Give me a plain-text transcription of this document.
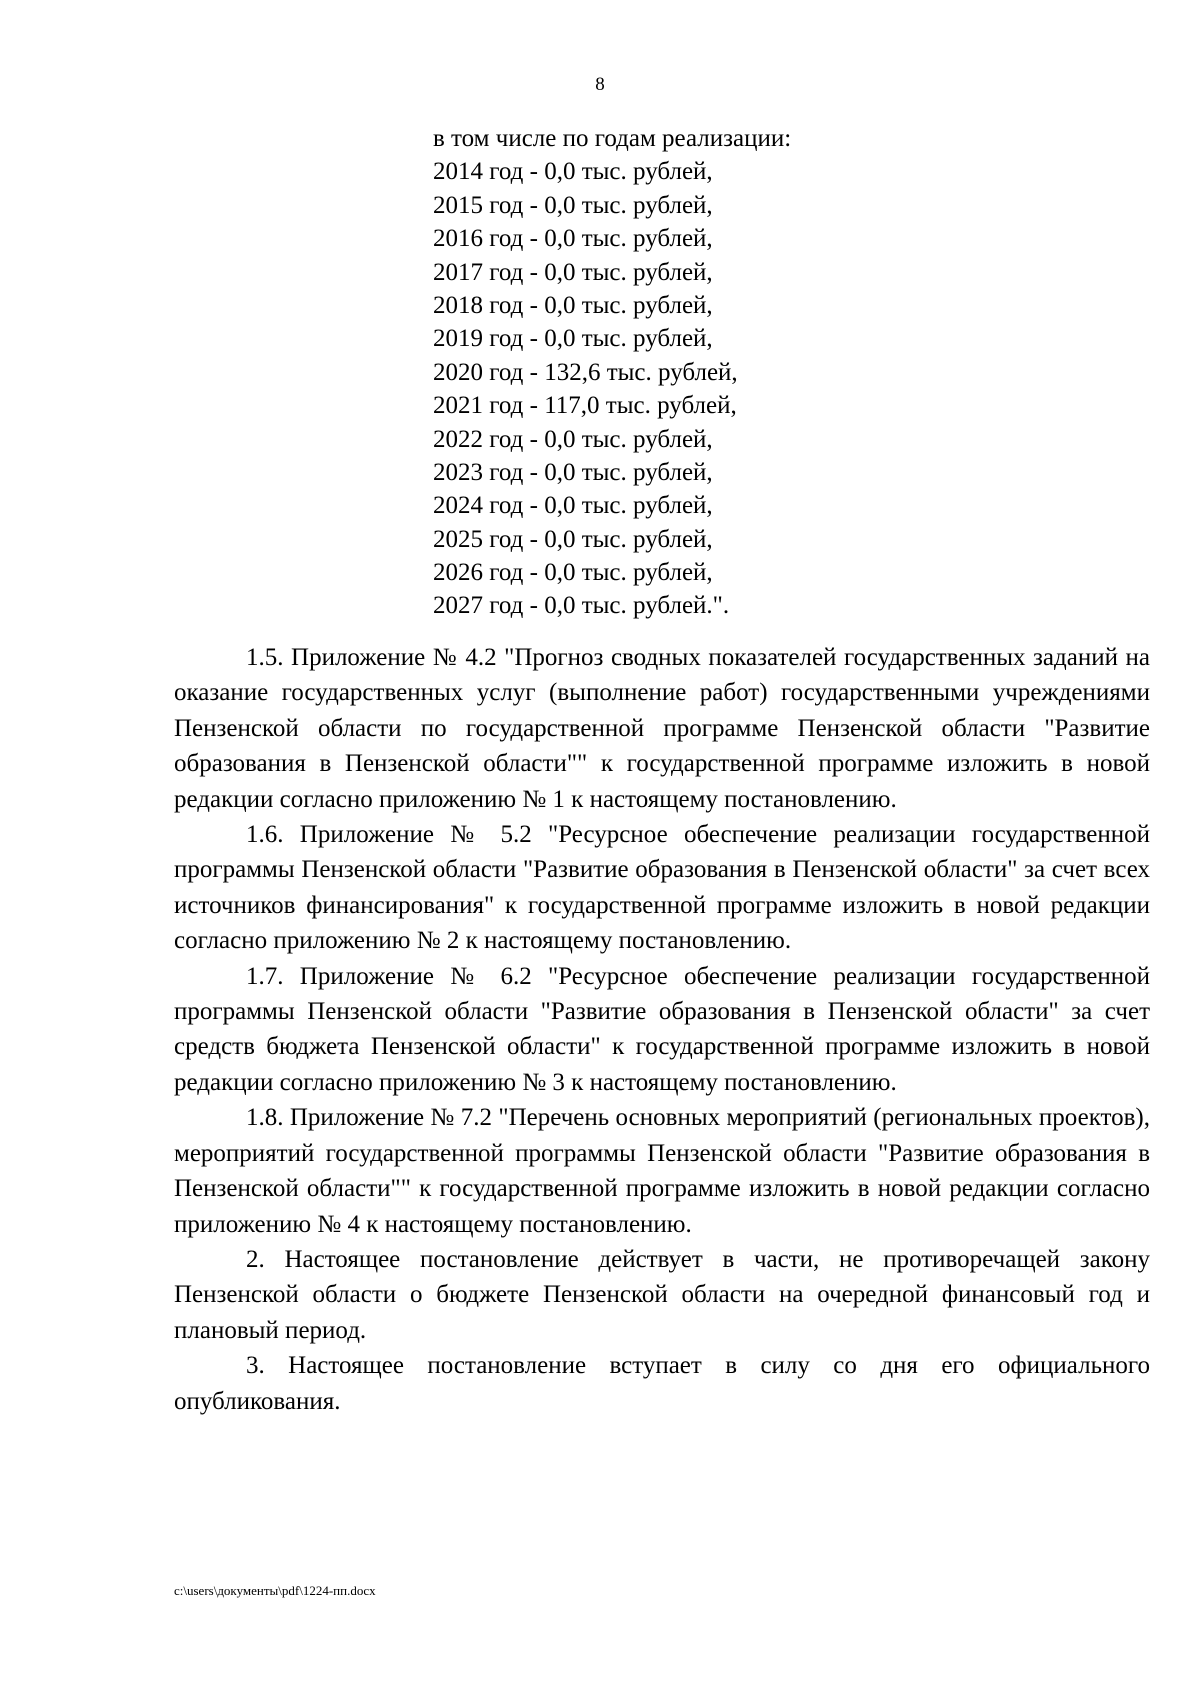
8
в том числе по годам реализации:
2014 год - 0,0 тыс. рублей,
2015 год - 0,0 тыс. рублей,
2016 год - 0,0 тыс. рублей,
2017 год - 0,0 тыс. рублей,
2018 год - 0,0 тыс. рублей,
2019 год - 0,0 тыс. рублей,
2020 год - 132,6 тыс. рублей,
2021 год - 117,0 тыс. рублей,
2022 год - 0,0 тыс. рублей,
2023 год - 0,0 тыс. рублей,
2024 год - 0,0 тыс. рублей,
2025 год - 0,0 тыс. рублей,
2026 год - 0,0 тыс. рублей,
2027 год - 0,0 тыс. рублей.".

1.5. Приложение № 4.2 "Прогноз сводных показателей государственных заданий на оказание государственных услуг (выполнение работ) государственными учреждениями Пензенской области по государственной программе Пензенской области "Развитие образования в Пензенской области"" к государственной программе изложить в новой редакции согласно приложению № 1 к настоящему постановлению.

1.6. Приложение № 5.2 "Ресурсное обеспечение реализации государственной программы Пензенской области "Развитие образования в Пензенской области" за счет всех источников финансирования" к государственной программе изложить в новой редакции согласно приложению № 2 к настоящему постановлению.

1.7. Приложение № 6.2 "Ресурсное обеспечение реализации государственной программы Пензенской области "Развитие образования в Пензенской области" за счет средств бюджета Пензенской области" к государственной программе изложить в новой редакции согласно приложению № 3 к настоящему постановлению.

1.8. Приложение № 7.2 "Перечень основных мероприятий (региональных проектов), мероприятий государственной программы Пензенской области "Развитие образования в Пензенской области"" к государственной программе изложить в новой редакции согласно приложению № 4 к настоящему постановлению.

2. Настоящее постановление действует в части, не противоречащей закону Пензенской области о бюджете Пензенской области на очередной финансовый год и плановый период.

3. Настоящее постановление вступает в силу со дня его официального опубликования.

c:\users\документы\pdf\1224-пп.docx
